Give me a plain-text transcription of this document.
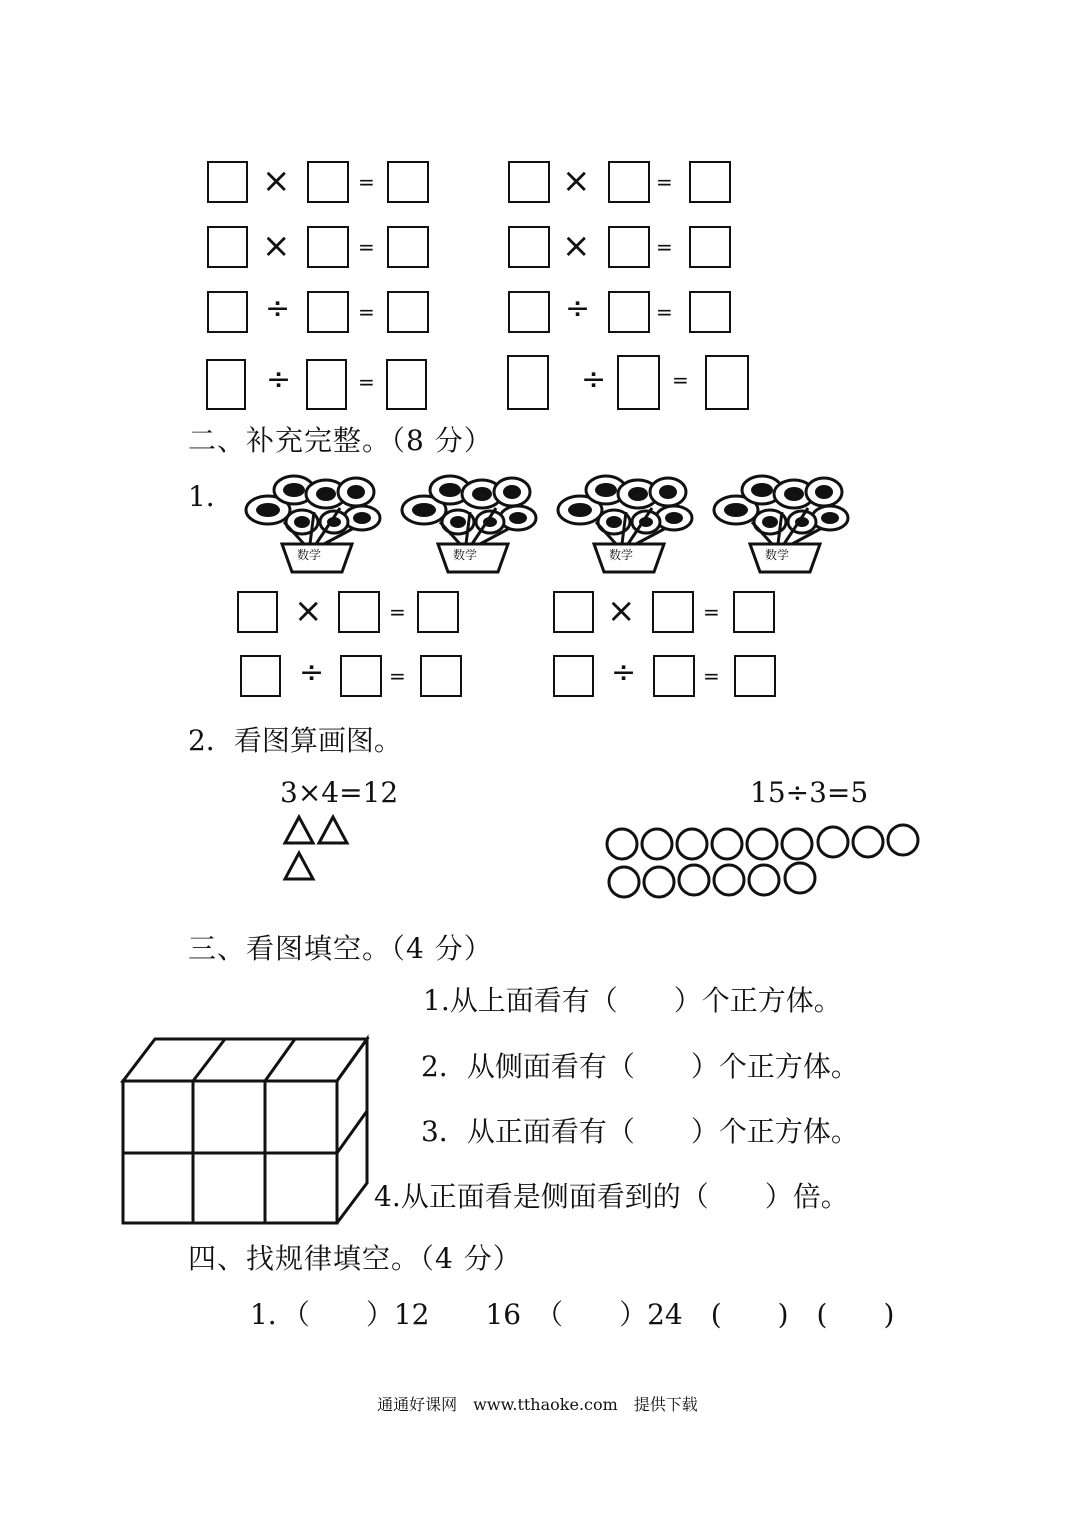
×	=	×	=
×	=	×	=
÷	=	÷	=
÷	=	÷	=
二、补充完整。（8 分）
1．
数学	数学	数学	数学
×	=	×	=
÷	=	÷	=
2．看图算画图。
3×4=12	15÷3=5
三、看图填空。（4 分）
1.从上面看有（　　）个正方体。
2．从侧面看有（　　）个正方体。
3．从正面看有（　　）个正方体。
4.从正面看是侧面看到的（　　）倍。
四、找规律填空。（4 分）
1．（　　）12　　16　（　　）24　(　　)　(　　)
通通好课网　www.tthaoke.com　提供下载
